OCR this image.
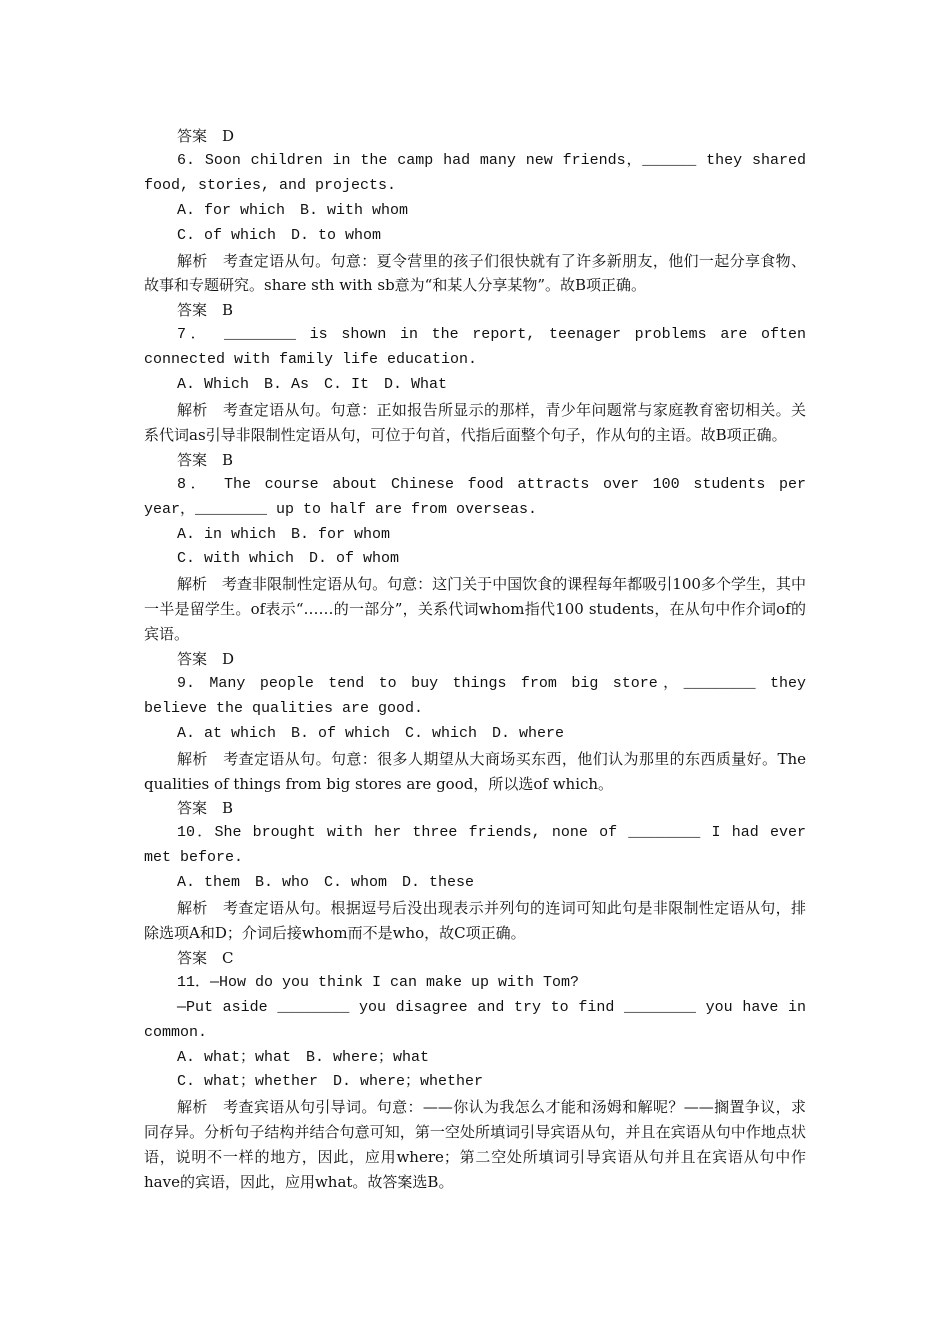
答案　D

6. Soon children in the camp had many new friends，______ they shared food, stories, and projects.

A. for which　B. with whom

C. of which　D. to whom

解析　考查定语从句。句意：夏令营里的孩子们很快就有了许多新朋友，他们一起分享食物、故事和专题研究。share sth with sb意为“和某人分享某物”。故B项正确。

答案　B

7． ________ is shown in the report, teenager problems are often connected with family life education.

A. Which　B. As　C. It　D. What

解析　考查定语从句。句意：正如报告所显示的那样，青少年问题常与家庭教育密切相关。关系代词as引导非限制性定语从句，可位于句首，代指后面整个句子，作从句的主语。故B项正确。

答案　B

8． The course about Chinese food attracts over 100 students per year，________ up to half are from overseas.

A. in which　B. for whom

C. with which　D. of whom

解析　考查非限制性定语从句。句意：这门关于中国饮食的课程每年都吸引100多个学生，其中一半是留学生。of表示“……的一部分”，关系代词whom指代100 students，在从句中作介词of的宾语。

答案　D

9. Many people tend to buy things from big store，________ they believe the qualities are good.

A. at which　B. of which　C. which　D. where

解析　考查定语从句。句意：很多人期望从大商场买东西，他们认为那里的东西质量好。The qualities of things from big stores are good，所以选of which。

答案　B

10．She brought with her three friends, none of ________ I had ever met before.

A. them　B. who　C. whom　D. these

解析　考查定语从句。根据逗号后没出现表示并列句的连词可知此句是非限制性定语从句，排除选项A和D；介词后接whom而不是who，故C项正确。

答案　C

11．—How do you think I can make up with Tom?

—Put aside ________ you disagree and try to find ________ you have in common.

A. what；what　B. where；what

C. what；whether　D. where；whether

解析　考查宾语从句引导词。句意：——你认为我怎么才能和汤姆和解呢？——搁置争议，求同存异。分析句子结构并结合句意可知，第一空处所填词引导宾语从句，并且在宾语从句中作地点状语，说明不一样的地方，因此，应用where；第二空处所填词引导宾语从句并且在宾语从句中作have的宾语，因此，应用what。故答案选B。
